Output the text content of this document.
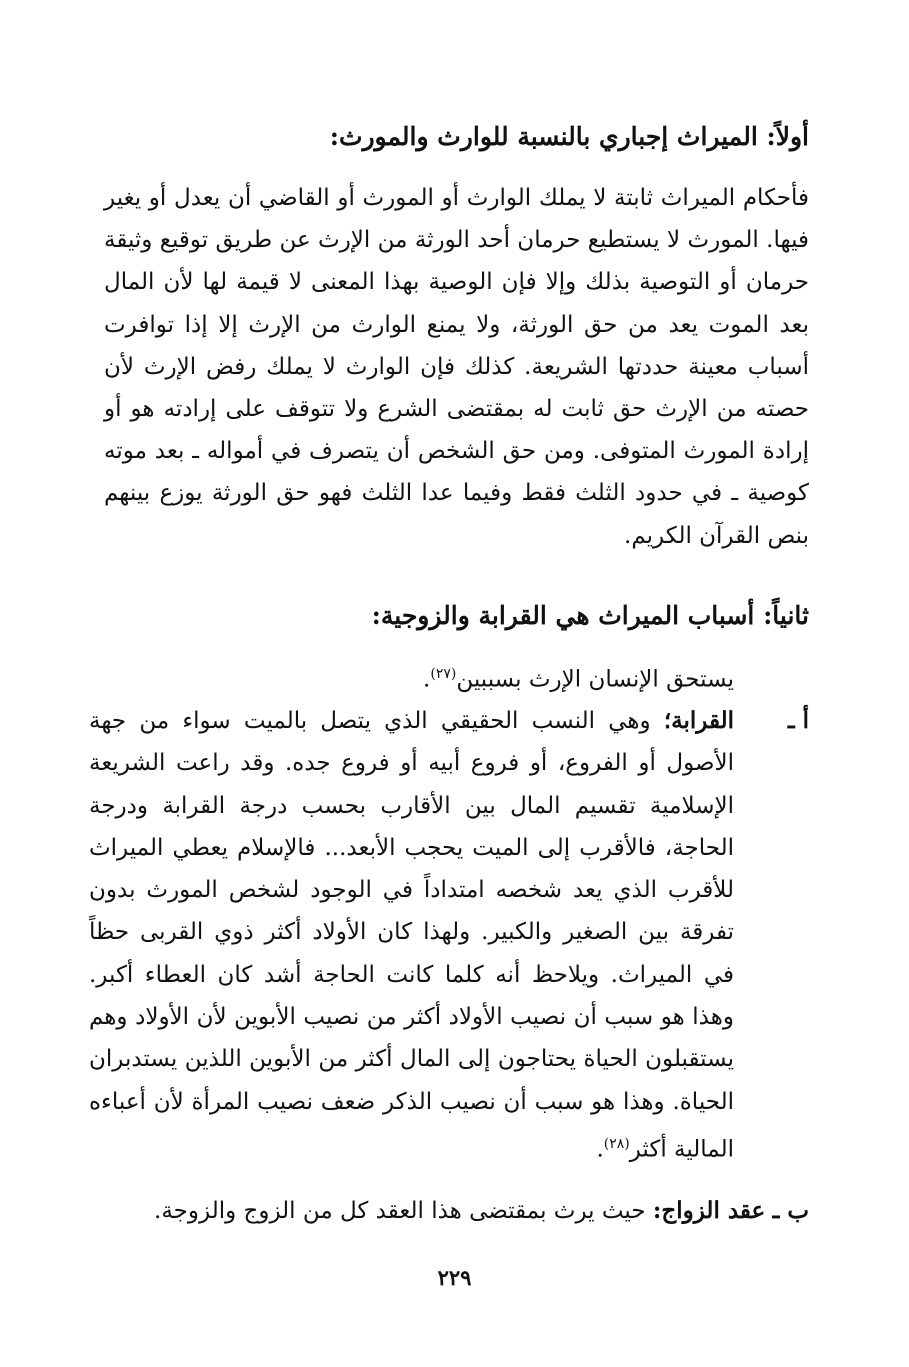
أولاً: الميراث إجباري بالنسبة للوارث والمورث:
فأحكام الميراث ثابتة لا يملك الوارث أو المورث أو القاضي أن يعدل أو يغير فيها. المورث لا يستطيع حرمان أحد الورثة من الإرث عن طريق توقيع وثيقة حرمان أو التوصية بذلك وإلا فإن الوصية بهذا المعنى لا قيمة لها لأن المال بعد الموت يعد من حق الورثة، ولا يمنع الوارث من الإرث إلا إذا توافرت أسباب معينة حددتها الشريعة. كذلك فإن الوارث لا يملك رفض الإرث لأن حصته من الإرث حق ثابت له بمقتضى الشرع ولا تتوقف على إرادته هو أو إرادة المورث المتوفى. ومن حق الشخص أن يتصرف في أمواله ـ بعد موته كوصية ـ في حدود الثلث فقط وفيما عدا الثلث فهو حق الورثة يوزع بينهم بنص القرآن الكريم.
ثانياً: أسباب الميراث هي القرابة والزوجية:
يستحق الإنسان الإرث بسببين$^{(٢٧)}$.
أ ـ
القرابة؛ وهي النسب الحقيقي الذي يتصل بالميت سواء من جهة الأصول أو الفروع، أو فروع أبيه أو فروع جده. وقد راعت الشريعة الإسلامية تقسيم المال بين الأقارب بحسب درجة القرابة ودرجة الحاجة، فالأقرب إلى الميت يحجب الأبعد... فالإسلام يعطي الميراث للأقرب الذي يعد شخصه امتداداً في الوجود لشخص المورث بدون تفرقة بين الصغير والكبير. ولهذا كان الأولاد أكثر ذوي القربى حظاً في الميراث. ويلاحظ أنه كلما كانت الحاجة أشد كان العطاء أكبر. وهذا هو سبب أن نصيب الأولاد أكثر من نصيب الأبوين لأن الأولاد وهم يستقبلون الحياة يحتاجون إلى المال أكثر من الأبوين اللذين يستدبران الحياة. وهذا هو سبب أن نصيب الذكر ضعف نصيب المرأة لأن أعباءه المالية أكثر$^{(٢٨)}$.
ب ـ عقد الزواج: حيث يرث بمقتضى هذا العقد كل من الزوج والزوجة.
٢٢٩
